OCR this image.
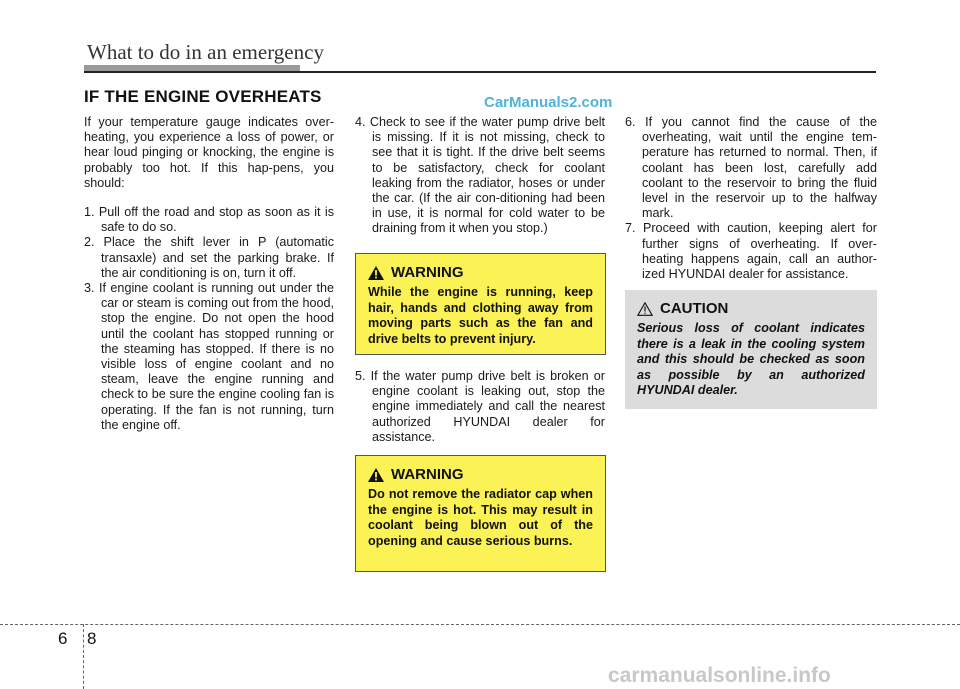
What to do in an emergency
IF THE ENGINE OVERHEATS	CarManuals2.com

If your temperature gauge indicates over-heating, you experience a loss of power, or hear loud pinging or knocking, the engine is probably too hot. If this hap-pens, you should:

1. Pull off the road and stop as soon as it is safe to do so.
2. Place the shift lever in P (automatic transaxle) and set the parking brake. If the air conditioning is on, turn it off.
3. If engine coolant is running out under the car or steam is coming out from the hood, stop the engine. Do not open the hood until the coolant has stopped running or the steaming has stopped. If there is no visible loss of engine coolant and no steam, leave the engine running and check to be sure the engine cooling fan is operating. If the fan is not running, turn the engine off.
4. Check to see if the water pump drive belt is missing. If it is not missing, check to see that it is tight. If the drive belt seems to be satisfactory, check for coolant leaking from the radiator, hoses or under the car. (If the air con-ditioning had been in use, it is normal for cold water to be draining from it when you stop.)
5. If the water pump drive belt is broken or engine coolant is leaking out, stop the engine immediately and call the nearest authorized HYUNDAI dealer for assistance.
6. If you cannot find the cause of the overheating, wait until the engine tem-perature has returned to normal. Then, if coolant has been lost, carefully add coolant to the reservoir to bring the fluid level in the reservoir up to the halfway mark.
7. Proceed with caution, keeping alert for further signs of overheating. If over-heating happens again, call an author-ized HYUNDAI dealer for assistance.
WARNING
While the engine is running, keep hair, hands and clothing away from moving parts such as the fan and drive belts to prevent injury.
WARNING
Do not remove the radiator cap when the engine is hot. This may result in coolant being blown out of the opening and cause serious burns.
CAUTION
Serious loss of coolant indicates there is a leak in the cooling system and this should be checked as soon as possible by an authorized HYUNDAI dealer.
6 8
carmanualsonline.info
